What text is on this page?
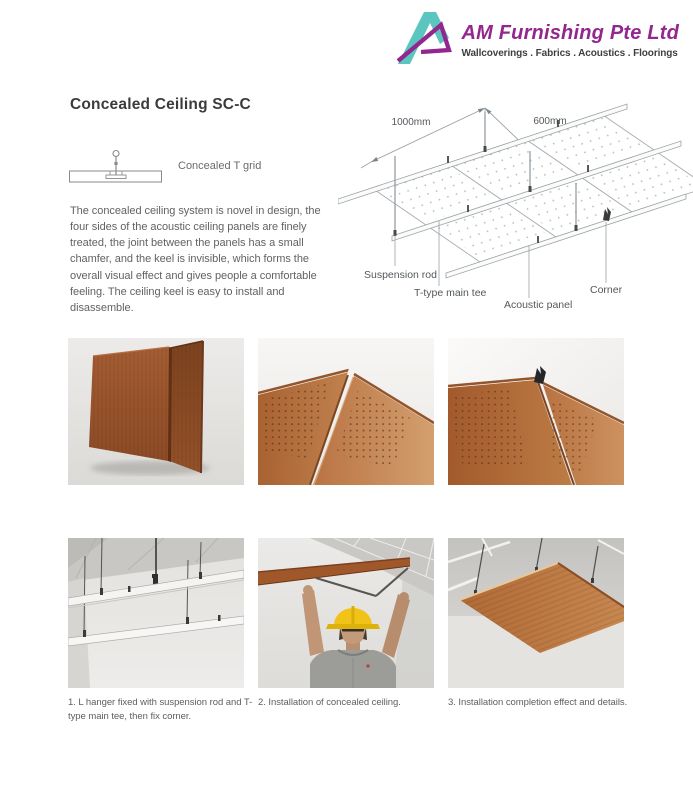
AM Furnishing Pte Ltd
Wallcoverings . Fabrics . Acoustics . Floorings
Concealed Ceiling SC-C
Concealed T grid
The concealed ceiling system is novel in design, the four sides of the acoustic ceiling panels are finely treated, the joint between the panels has a small chamfer, and the keel is invisible, which forms the overall visual effect and gives people a comfortable feeling. The ceiling keel is easy to install and disassemble.
1000mm	600mm
Suspension rod
T-type main tee
Acoustic panel
Corner
1. L hanger fixed with suspension rod and T-type main tee, then fix corner.
2. Installation of concealed ceiling.	3. Installation completion effect and details.
